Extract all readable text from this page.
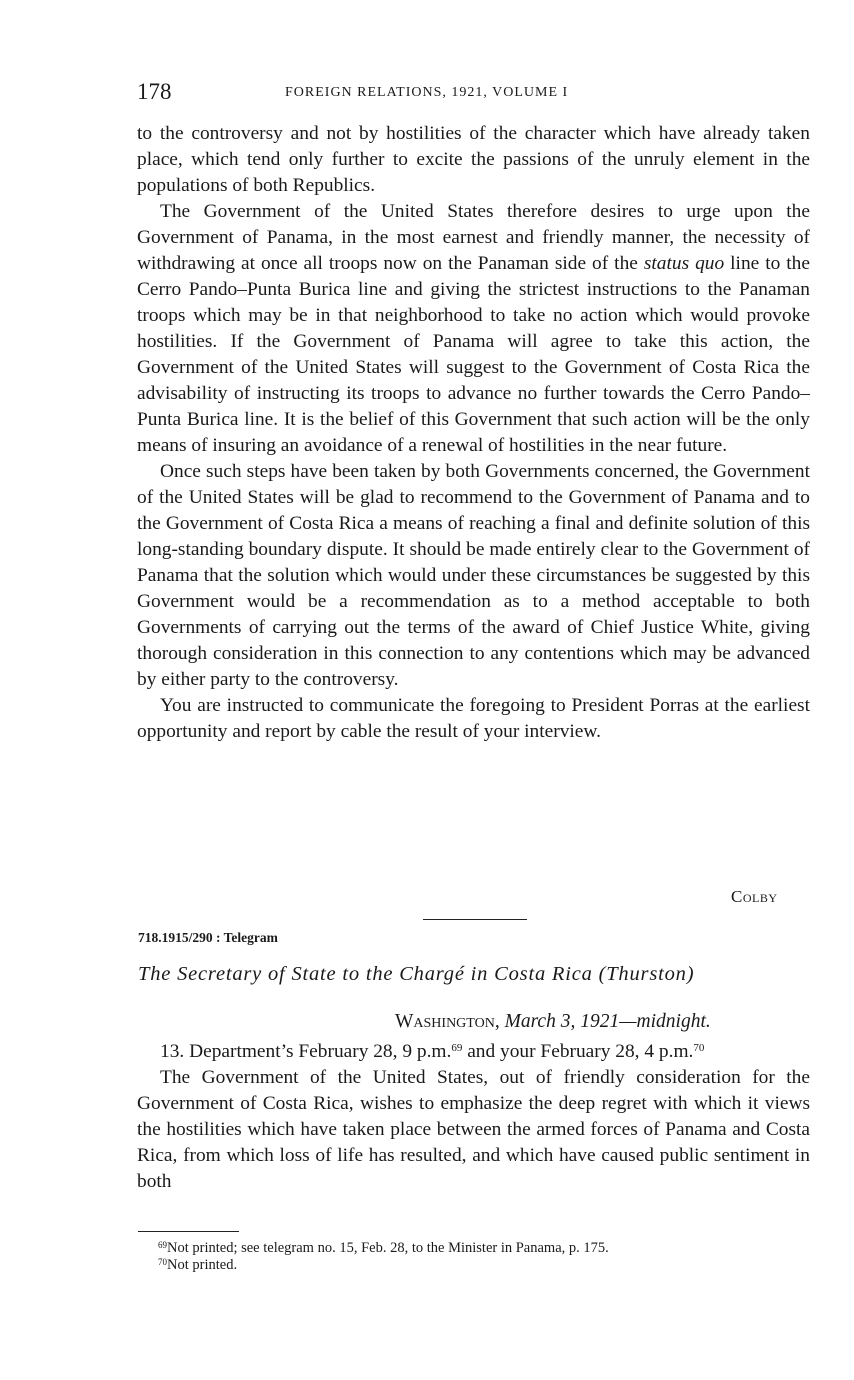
178	FOREIGN RELATIONS, 1921, VOLUME I

to the controversy and not by hostilities of the character which have already taken place, which tend only further to excite the passions of the unruly element in the populations of both Republics.

The Government of the United States therefore desires to urge upon the Government of Panama, in the most earnest and friendly manner, the necessity of withdrawing at once all troops now on the Panaman side of the status quo line to the Cerro Pando–Punta Burica line and giving the strictest instructions to the Panaman troops which may be in that neighborhood to take no action which would provoke hostilities. If the Government of Panama will agree to take this action, the Government of the United States will suggest to the Government of Costa Rica the advisability of instructing its troops to advance no further towards the Cerro Pando–Punta Burica line. It is the belief of this Government that such action will be the only means of insuring an avoidance of a renewal of hostilities in the near future.

Once such steps have been taken by both Governments concerned, the Government of the United States will be glad to recommend to the Government of Panama and to the Government of Costa Rica a means of reaching a final and definite solution of this long-standing boundary dispute. It should be made entirely clear to the Government of Panama that the solution which would under these circumstances be suggested by this Government would be a recommendation as to a method acceptable to both Governments of carrying out the terms of the award of Chief Justice White, giving thorough consideration in this connection to any contentions which may be advanced by either party to the controversy.

You are instructed to communicate the foregoing to President Porras at the earliest opportunity and report by cable the result of your interview.

Colby
718.1915/290 : Telegram
The Secretary of State to the Chargé in Costa Rica (Thurston)
Washington, March 3, 1921—midnight.

13. Department’s February 28, 9 p.m.$^{69}$ and your February 28, 4 p.m.$^{70}$

The Government of the United States, out of friendly consideration for the Government of Costa Rica, wishes to emphasize the deep regret with which it views the hostilities which have taken place between the armed forces of Panama and Costa Rica, from which loss of life has resulted, and which have caused public sentiment in both

$^{69}$Not printed; see telegram no. 15, Feb. 28, to the Minister in Panama, p. 175.
$^{70}$Not printed.
